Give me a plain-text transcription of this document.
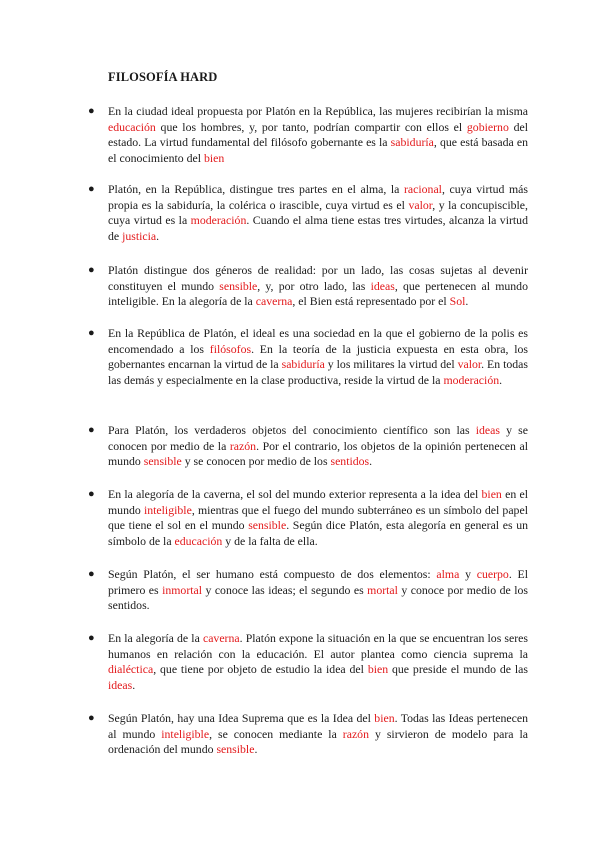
FILOSOFÍA HARD
●	En la ciudad ideal propuesta por Platón en la República, las mujeres recibirían la misma educación que los hombres, y, por tanto, podrían compartir con ellos el gobierno del estado. La virtud fundamental del filósofo gobernante es la sabiduría, que está basada en el conocimiento del bien
●	Platón, en la República, distingue tres partes en el alma, la racional, cuya virtud más propia es la sabiduría, la colérica o irascible, cuya virtud es el valor, y la concupiscible, cuya virtud es la moderación. Cuando el alma tiene estas tres virtudes, alcanza la virtud de justicia.
●	Platón distingue dos géneros de realidad: por un lado, las cosas sujetas al devenir constituyen el mundo sensible, y, por otro lado, las ideas, que pertenecen al mundo inteligible. En la alegoría de la caverna, el Bien está representado por el Sol.
●	En la República de Platón, el ideal es una sociedad en la que el gobierno de la polis es encomendado a los filósofos. En la teoría de la justicia expuesta en esta obra, los gobernantes encarnan la virtud de la sabiduría y los militares la virtud del valor. En todas las demás y especialmente en la clase productiva, reside la virtud de la moderación.
●	Para Platón, los verdaderos objetos del conocimiento científico son las ideas y se conocen por medio de la razón. Por el contrario, los objetos de la opinión pertenecen al mundo sensible y se conocen por medio de los sentidos.
●	En la alegoría de la caverna, el sol del mundo exterior representa a la idea del bien en el mundo inteligible, mientras que el fuego del mundo subterráneo es un símbolo del papel que tiene el sol en el mundo sensible. Según dice Platón, esta alegoría en general es un símbolo de la educación y de la falta de ella.
●	Según Platón, el ser humano está compuesto de dos elementos: alma y cuerpo. El primero es inmortal y conoce las ideas; el segundo es mortal y conoce por medio de los sentidos.
●	En la alegoría de la caverna. Platón expone la situación en la que se encuentran los seres humanos en relación con la educación. El autor plantea como ciencia suprema la dialéctica, que tiene por objeto de estudio la idea del bien que preside el mundo de las ideas.
●	Según Platón, hay una Idea Suprema que es la Idea del bien. Todas las Ideas pertenecen al mundo inteligible, se conocen mediante la razón y sirvieron de modelo para la ordenación del mundo sensible.
